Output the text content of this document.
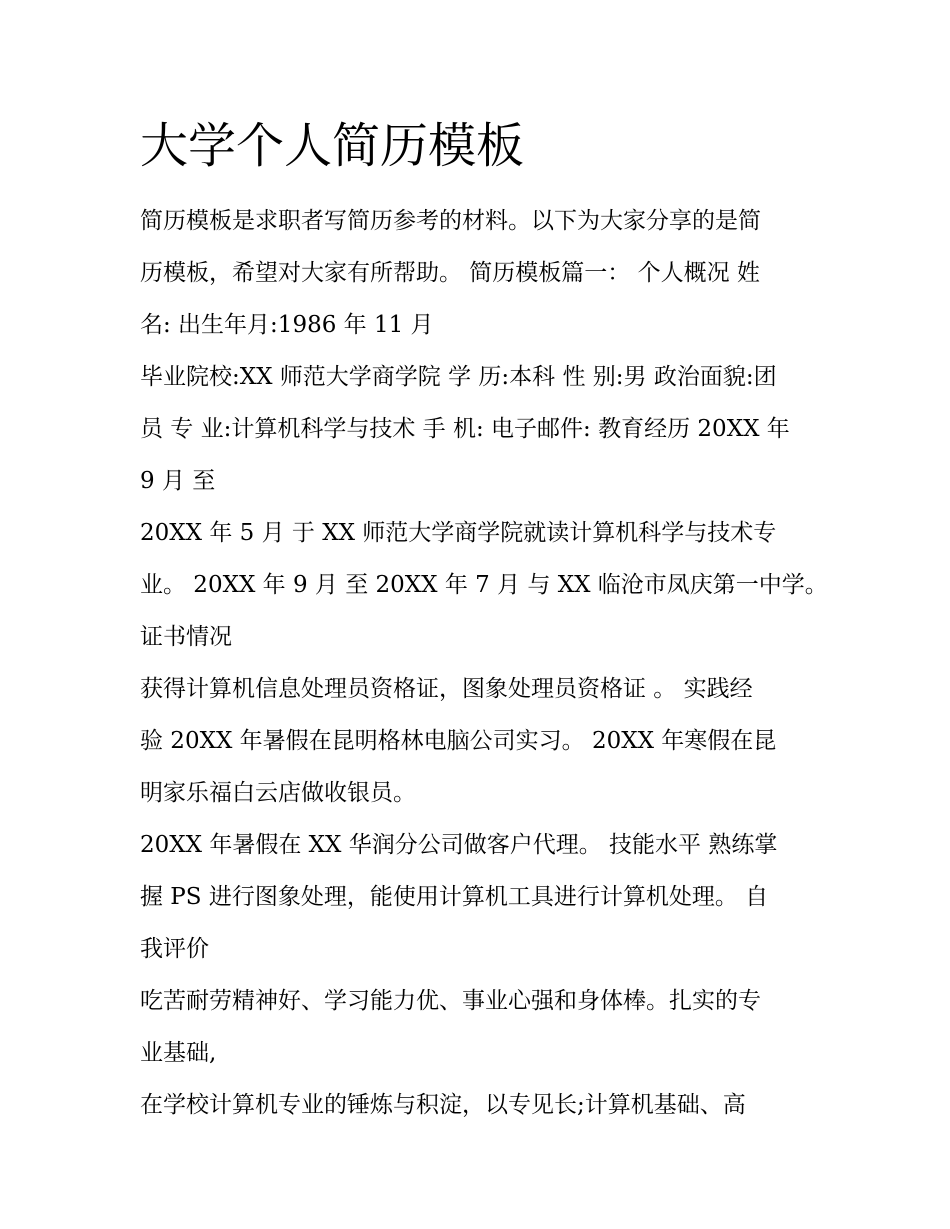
大学个人简历模板
简历模板是求职者写简历参考的材料。以下为大家分享的是简
历模板，希望对大家有所帮助。 简历模板篇一： 个人概况 姓
名: 出生年月:1986 年 11 月
毕业院校:XX 师范大学商学院 学 历:本科 性 别:男 政治面貌:团
员 专 业:计算机科学与技术 手 机: 电子邮件: 教育经历 20XX 年
9 月 至
20XX 年 5 月 于 XX 师范大学商学院就读计算机科学与技术专
业。 20XX 年 9 月 至 20XX 年 7 月 与 XX 临沧市凤庆第一中学。
证书情况
获得计算机信息处理员资格证，图象处理员资格证 。 实践经
验 20XX 年暑假在昆明格林电脑公司实习。 20XX 年寒假在昆
明家乐福白云店做收银员。
20XX 年暑假在 XX 华润分公司做客户代理。 技能水平 熟练掌
握 PS 进行图象处理，能使用计算机工具进行计算机处理。 自
我评价
吃苦耐劳精神好、学习能力优、事业心强和身体棒。扎实的专
业基础,
在学校计算机专业的锤炼与积淀，以专见长;计算机基础、高
